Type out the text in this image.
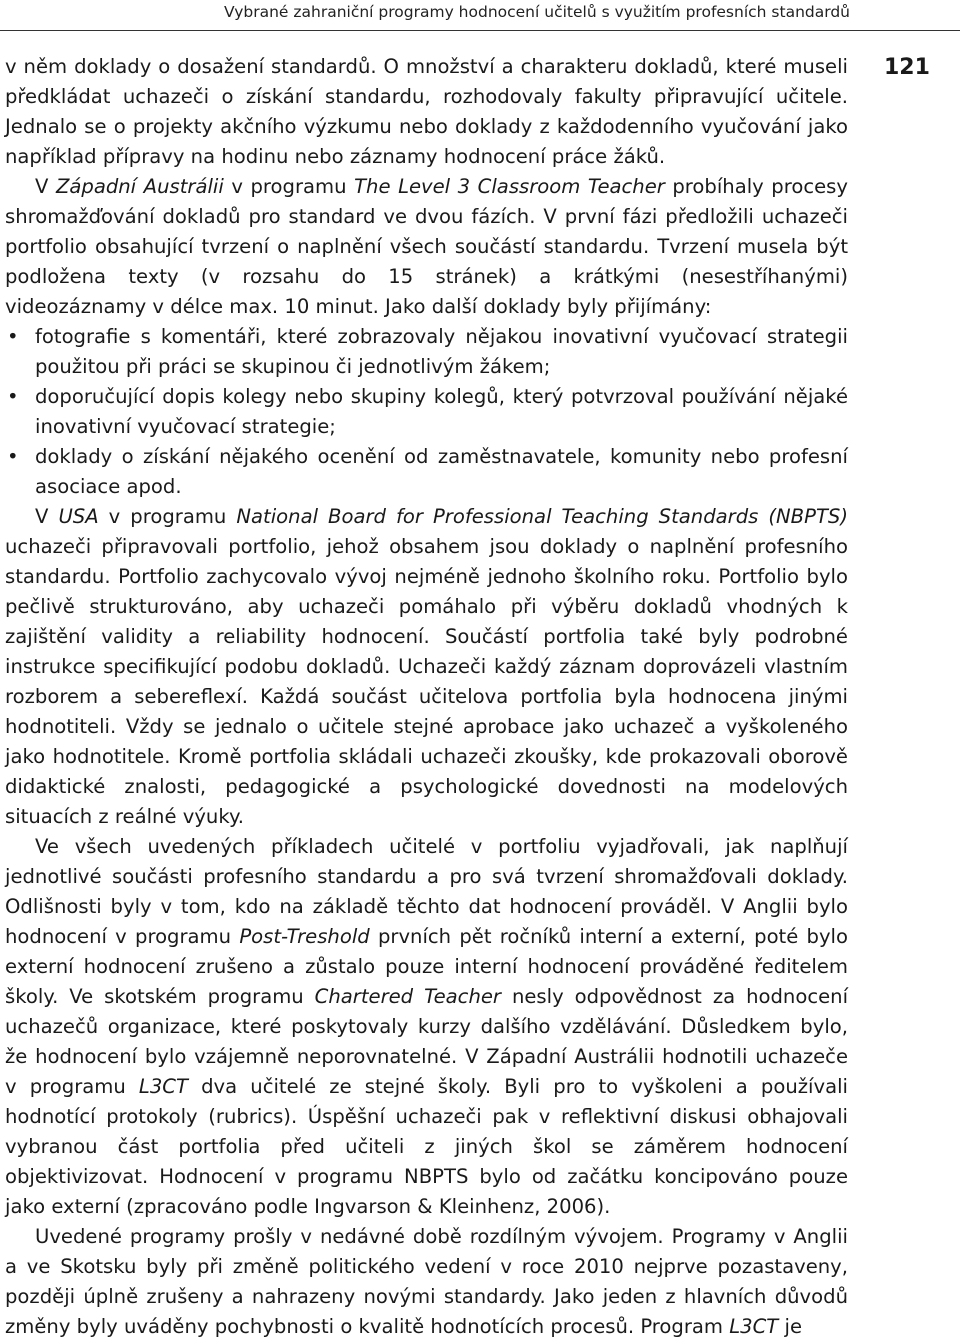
Vybrané zahraniční programy hodnocení učitelů s využitím profesních standardů
121

v něm doklady o dosažení standardů. O množství a charakteru dokladů, které museli předkládat uchazeči o získání standardu, rozhodovaly fakulty připravující učitele. Jednalo se o projekty akčního výzkumu nebo doklady z každodenního vyučování jako například přípravy na hodinu nebo záznamy hodnocení práce žáků.

V Západní Austrálii v programu The Level 3 Classroom Teacher probíhaly procesy shromažďování dokladů pro standard ve dvou fázích. V první fázi předložili uchazeči portfolio obsahující tvrzení o naplnění všech součástí standardu. Tvrzení musela být podložena texty (v rozsahu do 15 stránek) a krátkými (nesestříhanými) videozáznamy v délce max. 10 minut. Jako další doklady byly přijímány:

• fotografie s komentáři, které zobrazovaly nějakou inovativní vyučovací strategii použitou při práci se skupinou či jednotlivým žákem;
• doporučující dopis kolegy nebo skupiny kolegů, který potvrzoval používání nějaké inovativní vyučovací strategie;
• doklady o získání nějakého ocenění od zaměstnavatele, komunity nebo profesní asociace apod.

V USA v programu National Board for Professional Teaching Standards (NBPTS) uchazeči připravovali portfolio, jehož obsahem jsou doklady o naplnění profesního standardu. Portfolio zachycovalo vývoj nejméně jednoho školního roku. Portfolio bylo pečlivě strukturováno, aby uchazeči pomáhalo při výběru dokladů vhodných k zajištění validity a reliability hodnocení. Součástí portfolia také byly podrobné instrukce specifikující podobu dokladů. Uchazeči každý záznam doprovázeli vlastním rozborem a sebereflexí. Každá součást učitelova portfolia byla hodnocena jinými hodnotiteli. Vždy se jednalo o učitele stejné aprobace jako uchazeč a vyškoleného jako hodnotitele. Kromě portfolia skládali uchazeči zkoušky, kde prokazovali oborově didaktické znalosti, pedagogické a psychologické dovednosti na modelových situacích z reálné výuky.

Ve všech uvedených příkladech učitelé v portfoliu vyjadřovali, jak naplňují jednotlivé součásti profesního standardu a pro svá tvrzení shromažďovali doklady. Odlišnosti byly v tom, kdo na základě těchto dat hodnocení prováděl. V Anglii bylo hodnocení v programu Post-Treshold prvních pět ročníků interní a externí, poté bylo externí hodnocení zrušeno a zůstalo pouze interní hodnocení prováděné ředitelem školy. Ve skotském programu Chartered Teacher nesly odpovědnost za hodnocení uchazečů organizace, které poskytovaly kurzy dalšího vzdělávání. Důsledkem bylo, že hodnocení bylo vzájemně neporovnatelné. V Západní Austrálii hodnotili uchazeče v programu L3CT dva učitelé ze stejné školy. Byli pro to vyškoleni a používali hodnotící protokoly (rubrics). Úspěšní uchazeči pak v reflektivní diskusi obhajovali vybranou část portfolia před učiteli z jiných škol se záměrem hodnocení objektivizovat. Hodnocení v programu NBPTS bylo od začátku koncipováno pouze jako externí (zpracováno podle Ingvarson & Kleinhenz, 2006).

Uvedené programy prošly v nedávné době rozdílným vývojem. Programy v Anglii a ve Skotsku byly při změně politického vedení v roce 2010 nejprve pozastaveny, později úplně zrušeny a nahrazeny novými standardy. Jako jeden z hlavních důvodů změny byly uváděny pochybnosti o kvalitě hodnotících procesů. Program L3CT je
